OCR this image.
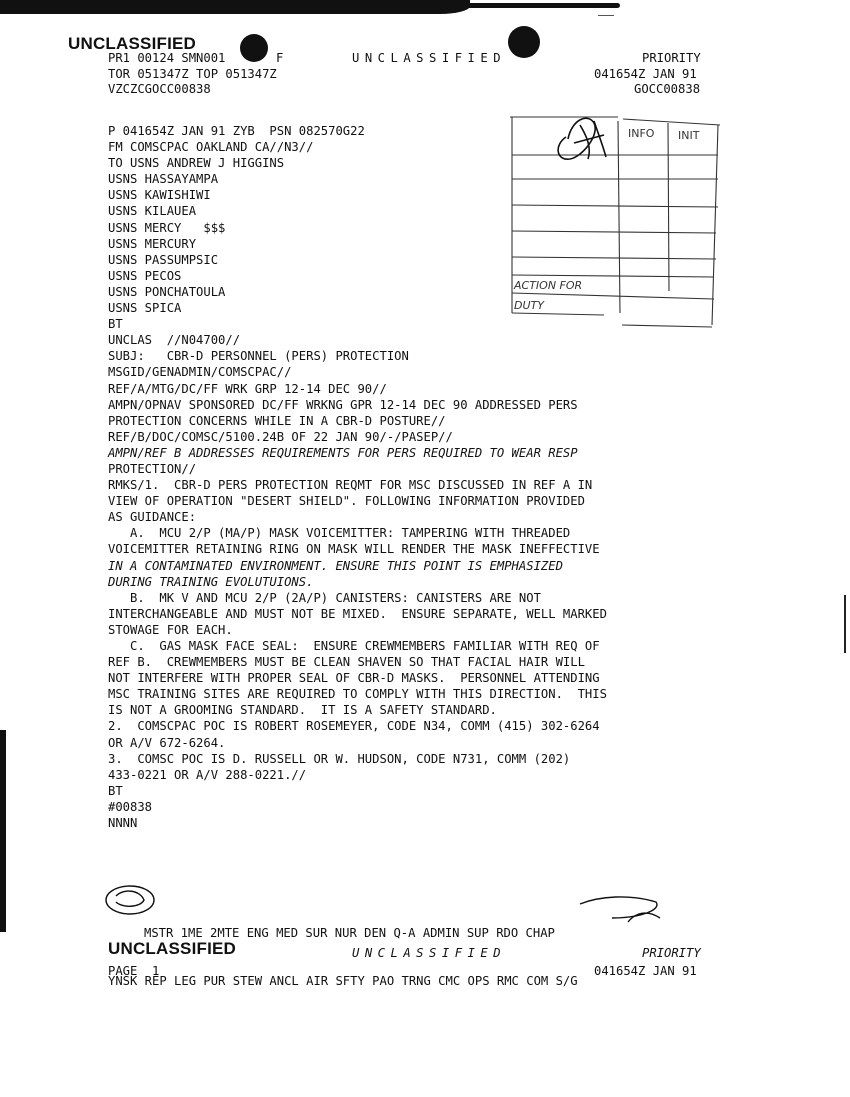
UNCLASSIFIED
PR1 00124 SMN001	F	UNCLASSIFIED	PRIORITY
TOR 051347Z TOP 051347Z	041654Z JAN 91
VZCZCGOCC00838	GOCC00838
P 041654Z JAN 91 ZYB  PSN 082570G22
FM COMSCPAC OAKLAND CA//N3//
TO USNS ANDREW J HIGGINS
USNS HASSAYAMPA
USNS KAWISHIWI
USNS KILAUEA
USNS MERCY   $$$
USNS MERCURY
USNS PASSUMPSIC
USNS PECOS
USNS PONCHATOULA
USNS SPICA
BT
UNCLAS  //N04700//
SUBJ:   CBR-D PERSONNEL (PERS) PROTECTION
MSGID/GENADMIN/COMSCPAC//
REF/A/MTG/DC/FF WRK GRP 12-14 DEC 90//
AMPN/OPNAV SPONSORED DC/FF WRKNG GPR 12-14 DEC 90 ADDRESSED PERS
PROTECTION CONCERNS WHILE IN A CBR-D POSTURE//
REF/B/DOC/COMSC/5100.24B OF 22 JAN 90/-/PASEP//
AMPN/REF B ADDRESSES REQUIREMENTS FOR PERS REQUIRED TO WEAR RESP
PROTECTION//
RMKS/1.  CBR-D PERS PROTECTION REQMT FOR MSC DISCUSSED IN REF A IN
VIEW OF OPERATION "DESERT SHIELD". FOLLOWING INFORMATION PROVIDED
AS GUIDANCE:
A.  MCU 2/P (MA/P) MASK VOICEMITTER: TAMPERING WITH THREADED
VOICEMITTER RETAINING RING ON MASK WILL RENDER THE MASK INEFFECTIVE
IN A CONTAMINATED ENVIRONMENT. ENSURE THIS POINT IS EMPHASIZED
DURING TRAINING EVOLUTUIONS.
B.  MK V AND MCU 2/P (2A/P) CANISTERS: CANISTERS ARE NOT
INTERCHANGEABLE AND MUST NOT BE MIXED.  ENSURE SEPARATE, WELL MARKED
STOWAGE FOR EACH.
C.  GAS MASK FACE SEAL:  ENSURE CREWMEMBERS FAMILIAR WITH REQ OF
REF B.  CREWMEMBERS MUST BE CLEAN SHAVEN SO THAT FACIAL HAIR WILL
NOT INTERFERE WITH PROPER SEAL OF CBR-D MASKS.  PERSONNEL ATTENDING
MSC TRAINING SITES ARE REQUIRED TO COMPLY WITH THIS DIRECTION.  THIS
IS NOT A GROOMING STANDARD.  IT IS A SAFETY STANDARD.
2.  COMSCPAC POC IS ROBERT ROSEMEYER, CODE N34, COMM (415) 302-6264
OR A/V 672-6264.
3.  COMSC POC IS D. RUSSELL OR W. HUDSON, CODE N731, COMM (202)
433-0221 OR A/V 288-0221.//
BT
#00838
NNNN
INFO INIT
ACTION FOR
DUTY

MSTR 1ME 2MTE ENG MED SUR NUR DEN Q-A ADMIN SUP RDO CHAP

YNSK REP LEG PUR STEW ANCL AIR SFTY PAO TRNG CMC OPS RMC COM S/G

UNCLASSIFIED	UNCLASSIFIED	PRIORITY
PAGE  1	041654Z JAN 91
